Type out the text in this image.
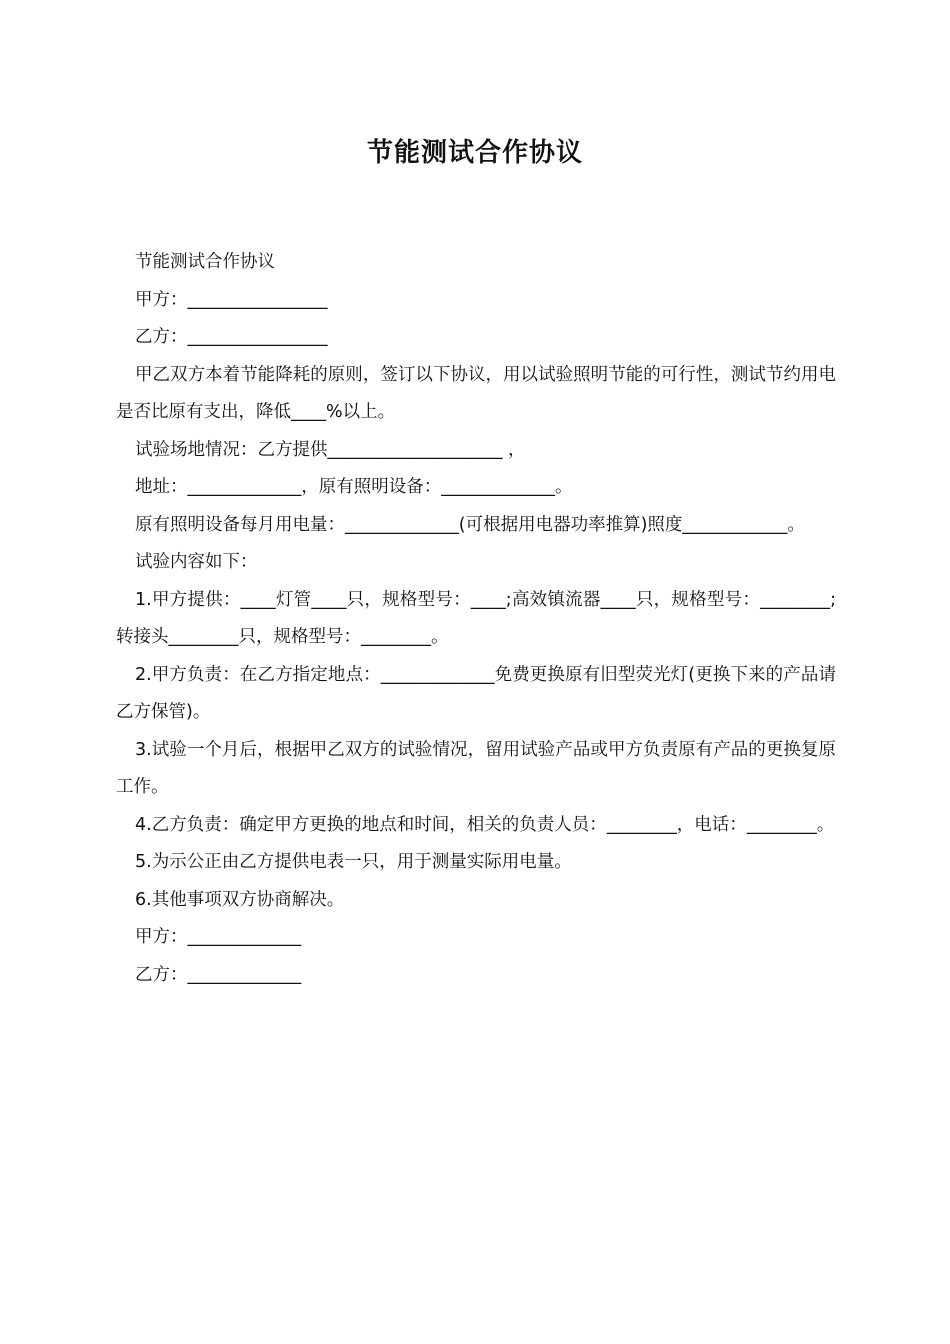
节能测试合作协议

节能测试合作协议

甲方：________________

乙方：________________

甲乙双方本着节能降耗的原则，签订以下协议，用以试验照明节能的可行性，测试节约用电是否比原有支出，降低____%以上。

试验场地情况：乙方提供____________________ ，

地址：_____________，原有照明设备：_____________。

原有照明设备每月用电量：_____________(可根据用电器功率推算)照度____________。

试验内容如下：

1.甲方提供：____灯管____只，规格型号：____;高效镇流器____只，规格型号：________;转接头________只，规格型号：________。

2.甲方负责：在乙方指定地点：_____________免费更换原有旧型荧光灯(更换下来的产品请乙方保管)。

3.试验一个月后，根据甲乙双方的试验情况，留用试验产品或甲方负责原有产品的更换复原工作。

4.乙方负责：确定甲方更换的地点和时间，相关的负责人员：________，电话：________。

5.为示公正由乙方提供电表一只，用于测量实际用电量。

6.其他事项双方协商解决。

甲方：_____________

乙方：_____________
